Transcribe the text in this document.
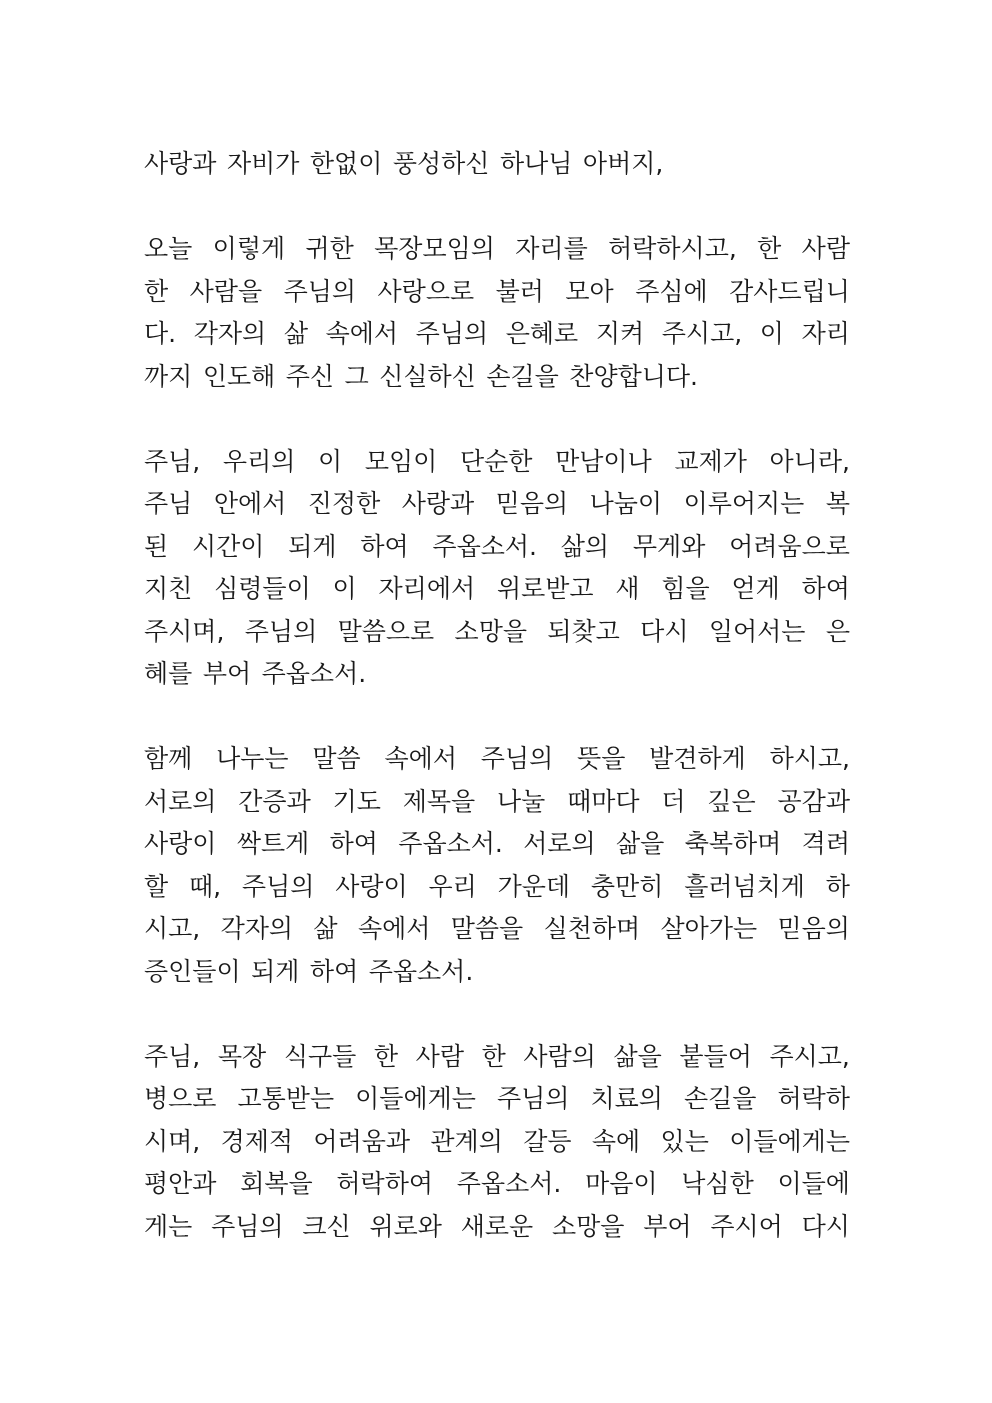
사랑과 자비가 한없이 풍성하신 하나님 아버지,
오늘 이렇게 귀한 목장모임의 자리를 허락하시고, 한 사람
한 사람을 주님의 사랑으로 불러 모아 주심에 감사드립니
다. 각자의 삶 속에서 주님의 은혜로 지켜 주시고, 이 자리
까지 인도해 주신 그 신실하신 손길을 찬양합니다.
주님, 우리의 이 모임이 단순한 만남이나 교제가 아니라,
주님 안에서 진정한 사랑과 믿음의 나눔이 이루어지는 복
된 시간이 되게 하여 주옵소서. 삶의 무게와 어려움으로
지친 심령들이 이 자리에서 위로받고 새 힘을 얻게 하여
주시며, 주님의 말씀으로 소망을 되찾고 다시 일어서는 은
혜를 부어 주옵소서.
함께 나누는 말씀 속에서 주님의 뜻을 발견하게 하시고,
서로의 간증과 기도 제목을 나눌 때마다 더 깊은 공감과
사랑이 싹트게 하여 주옵소서. 서로의 삶을 축복하며 격려
할 때, 주님의 사랑이 우리 가운데 충만히 흘러넘치게 하
시고, 각자의 삶 속에서 말씀을 실천하며 살아가는 믿음의
증인들이 되게 하여 주옵소서.
주님, 목장 식구들 한 사람 한 사람의 삶을 붙들어 주시고,
병으로 고통받는 이들에게는 주님의 치료의 손길을 허락하
시며, 경제적 어려움과 관계의 갈등 속에 있는 이들에게는
평안과 회복을 허락하여 주옵소서. 마음이 낙심한 이들에
게는 주님의 크신 위로와 새로운 소망을 부어 주시어 다시
